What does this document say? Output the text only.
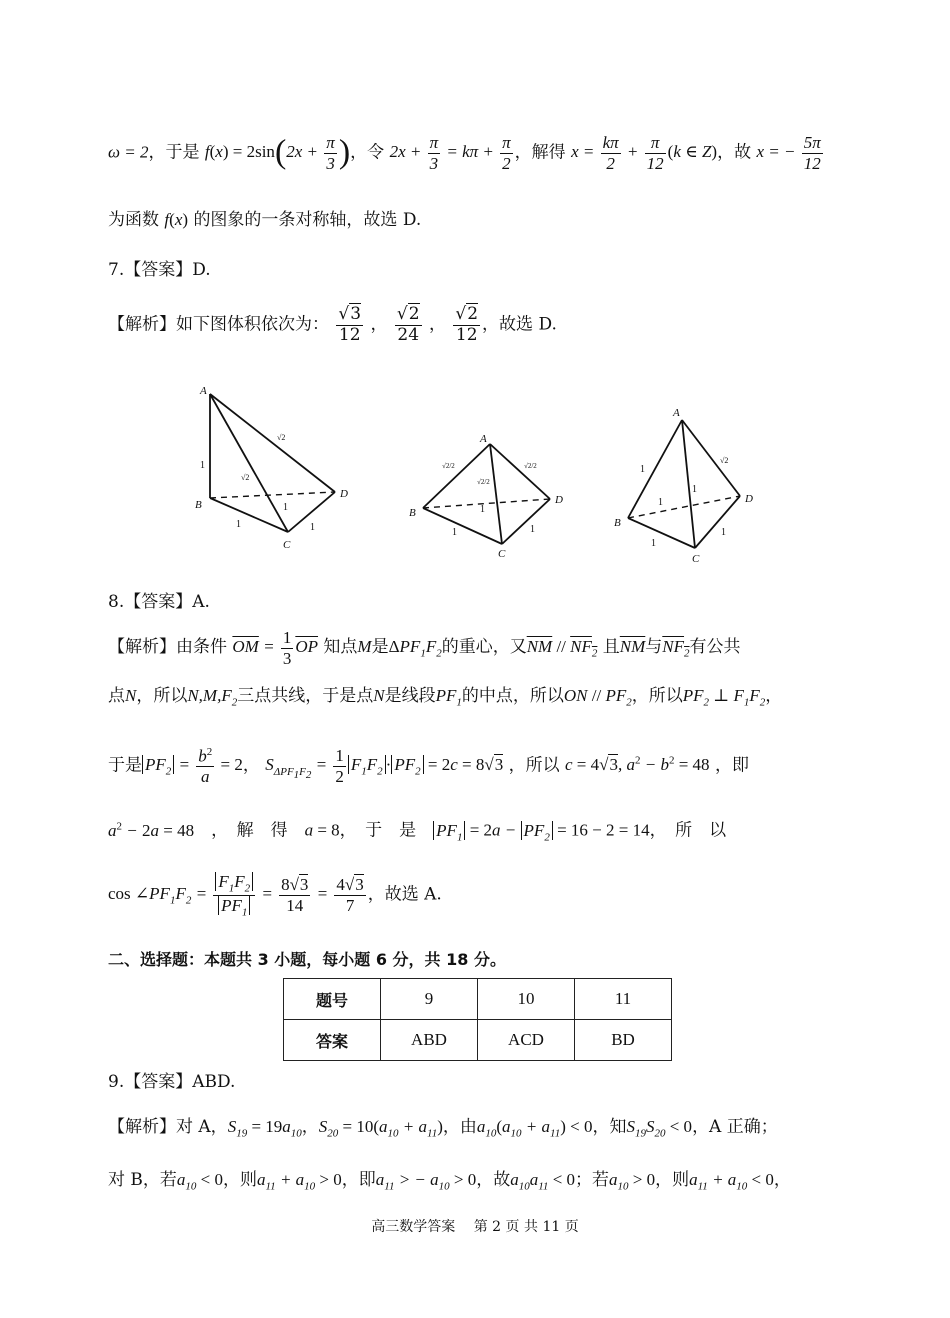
ω = 2，于是 $f(x) = 2\sin(2x + \frac{\pi}{3}$ )，令 $2x + \frac{\pi}{3} = k\pi + \frac{\pi}{2}$ ，解得 $x = \frac{k\pi}{2} + \frac{\pi}{12} (k$ ∈ Z)，故 x = − $\frac{5\pi}{12}$
为函数 f(x) 的图象的一条对称轴，故选 D.
7.【答案】D.
【解析】如下图体积依次为： $\frac{√3}{12}$ ， $\frac{√2}{24}$ ， $\frac{√2}{12}$ ，故选 D.
A
B
C
D
A
B
C
D
A
B
C
D
1
1	1
√2
√2
1
√2/2	√2/2
√2/2
1	1
1
1
1
1
√2
1
1
8.【答案】A.
【解析】由条件 $\overline{OM} = \frac{1}{3} \overline{OP}$ 知点M是$\Delta PF_1F_2$的重心，又$\overline{NM} // NF_2$ 且$\overline{NM}$与$NF_2$有公共
点N，所以$N,M,F_2$三点共线，于是点N是线段$PF_1$的中点，所以ON // $PF_2$，所以$PF_2$ ⊥ $F_1F_2$，
于是 $PF_2 = \frac{b^2}{a} = 2$， $S_{\Delta PF_1F_2} = \frac{1}{2} F_1F_2 \cdot PF_2 = 2c = 8√3$ ，所以 c = 4√3, $a^2 - b^2 = 48$ ，即
$a^2 - 2a = 48$　，　解　得　 a = 8，　于　是　 $PF_1 = 2a - PF_2 = 16 - 2 = 14$，　所　以
$\cos \angle PF_1F_2 = \frac{F_1F_2}{PF_1} = \frac{8√3}{14} = \frac{4√3}{7}$ ，故选 A.
二、选择题：本题共 3 小题，每小题 6 分，共 18 分。
题号	9	10	11
答案	ABD	ACD	BD
9.【答案】ABD.
【解析】对 A，$S_{19} = 19a_{10}$，$S_{20} = 10(a_{10} + a_{11})$，由$a_{10}(a_{10} + a_{11}) < 0$，知$S_{19}S_{20} < 0$，A 正确；
对 B，若$a_{10} < 0$，则$a_{11} + a_{10} > 0$，即$a_{11}$ > − $a_{10} > 0$，故$a_{10}a_{11} < 0$；若$a_{10} > 0$，则$a_{11} + a_{10} < 0$，
高三数学答案　 第 2 页 共 11 页
